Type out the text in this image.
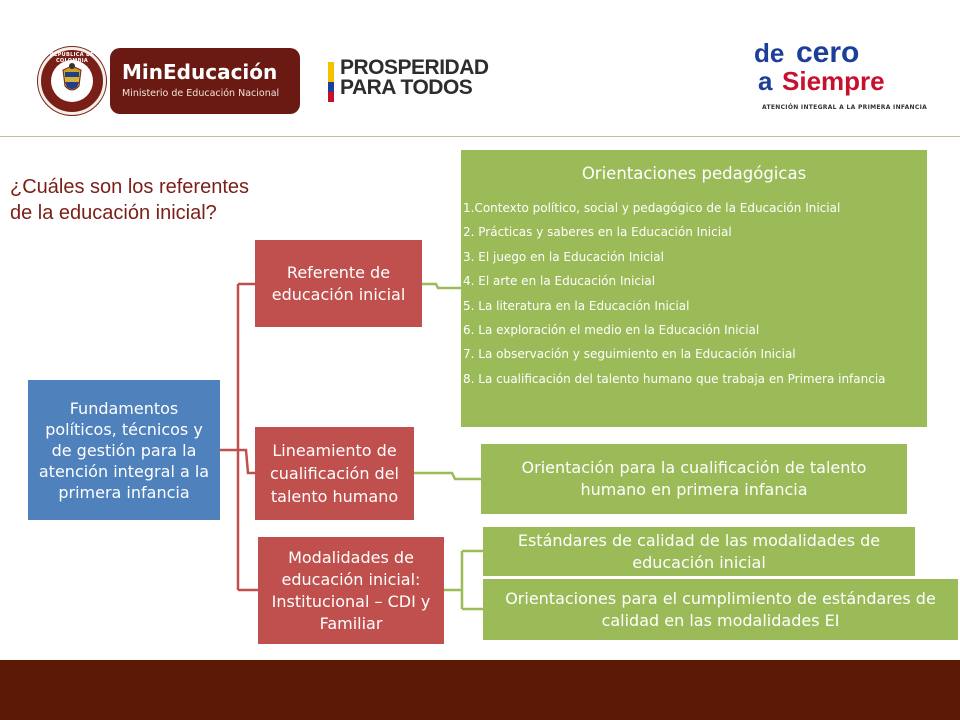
REPÚBLICA DE COLOMBIA	MinEducación
Ministerio de Educación Nacional
PROSPERIDAD
PARA TODOS
de cero
a Siempre
ATENCIÓN INTEGRAL A LA PRIMERA INFANCIA
¿Cuáles son los referentes de la educación inicial?
Fundamentos políticos, técnicos y de gestión para la atención integral a la primera infancia
Referente de educación inicial
Lineamiento de cualificación del talento humano
Modalidades de educación inicial: Institucional – CDI y Familiar
Orientaciones pedagógicas
1.Contexto político, social y pedagógico de la Educación Inicial
2. Prácticas y saberes en la Educación Inicial
3. El juego en la Educación Inicial
4. El arte en la Educación Inicial
5. La literatura en la Educación Inicial
6. La exploración el medio en la Educación Inicial
7. La observación y seguimiento en la Educación Inicial
8. La cualificación del talento humano que trabaja en Primera infancia
Orientación para la cualificación de talento humano en primera infancia
Estándares de calidad de las modalidades de educación inicial
Orientaciones para el cumplimiento de estándares de calidad en las modalidades EI
